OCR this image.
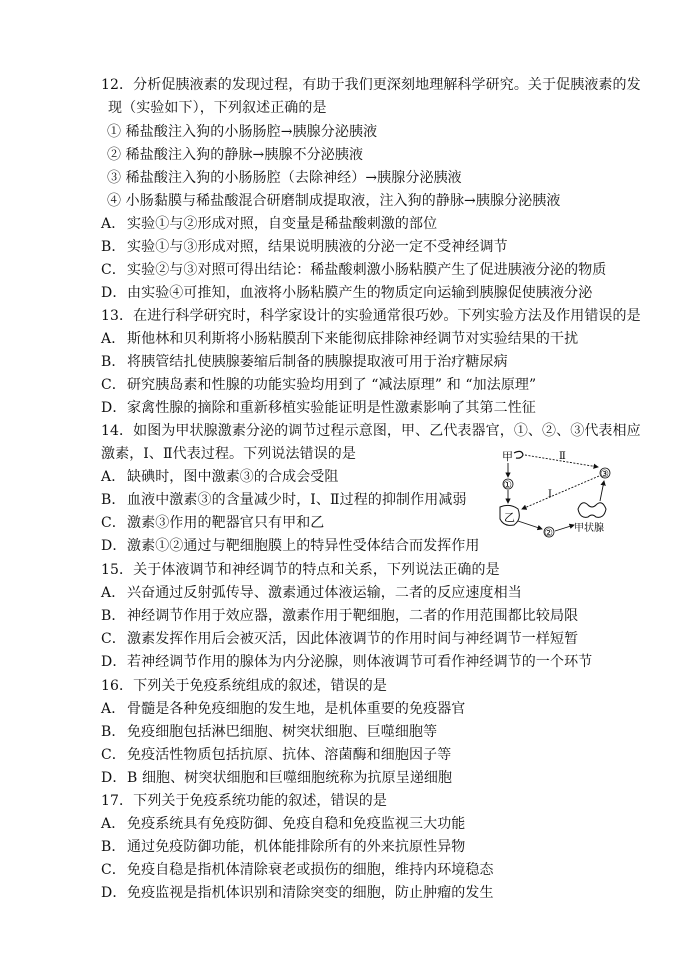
12．分析促胰液素的发现过程，有助于我们更深刻地理解科学研究。关于促胰液素的发
现（实验如下），下列叙述正确的是
① 稀盐酸注入狗的小肠肠腔→胰腺分泌胰液
② 稀盐酸注入狗的静脉→胰腺不分泌胰液
③ 稀盐酸注入狗的小肠肠腔（去除神经）→胰腺分泌胰液
④ 小肠黏膜与稀盐酸混合研磨制成提取液，注入狗的静脉→胰腺分泌胰液
A． 实验①与②形成对照，自变量是稀盐酸刺激的部位
B． 实验①与③形成对照，结果说明胰液的分泌一定不受神经调节
C．实验②与③对照可得出结论：稀盐酸刺激小肠粘膜产生了促进胰液分泌的物质
D．由实验④可推知，血液将小肠粘膜产生的物质定向运输到胰腺促使胰液分泌
13．在进行科学研究时，科学家设计的实验通常很巧妙。下列实验方法及作用错误的是
A． 斯他林和贝利斯将小肠粘膜刮下来能彻底排除神经调节对实验结果的干扰
B． 将胰管结扎使胰腺萎缩后制备的胰腺提取液可用于治疗糖尿病
C．研究胰岛素和性腺的功能实验均用到了 “减法原理” 和 “加法原理”
D．家禽性腺的摘除和重新移植实验能证明是性激素影响了其第二性征
14．如图为甲状腺激素分泌的调节过程示意图，甲、乙代表器官，①、②、③代表相应
激素，Ⅰ、Ⅱ代表过程。下列说法错误的是
A． 缺碘时，图中激素③的合成会受阻
B． 血液中激素③的含量减少时，Ⅰ、Ⅱ过程的抑制作用减弱
C．激素③作用的靶器官只有甲和乙
D．激素①②通过与靶细胞膜上的特异性受体结合而发挥作用
甲	Ⅱ
①
乙
② 甲状腺
③
Ⅰ
15．关于体液调节和神经调节的特点和关系，下列说法正确的是
A． 兴奋通过反射弧传导、激素通过体液运输，二者的反应速度相当
B． 神经调节作用于效应器，激素作用于靶细胞，二者的作用范围都比较局限
C．激素发挥作用后会被灭活，因此体液调节的作用时间与神经调节一样短暂
D．若神经调节作用的腺体为内分泌腺，则体液调节可看作神经调节的一个环节
16．下列关于免疫系统组成的叙述，错误的是
A． 骨髓是各种免疫细胞的发生地，是机体重要的免疫器官
B． 免疫细胞包括淋巴细胞、树突状细胞、巨噬细胞等
C．免疫活性物质包括抗原、抗体、溶菌酶和细胞因子等
D．B 细胞、树突状细胞和巨噬细胞统称为抗原呈递细胞
17．下列关于免疫系统功能的叙述，错误的是
A． 免疫系统具有免疫防御、免疫自稳和免疫监视三大功能
B． 通过免疫防御功能，机体能排除所有的外来抗原性异物
C．免疫自稳是指机体清除衰老或损伤的细胞，维持内环境稳态
D．免疫监视是指机体识别和清除突变的细胞，防止肿瘤的发生
